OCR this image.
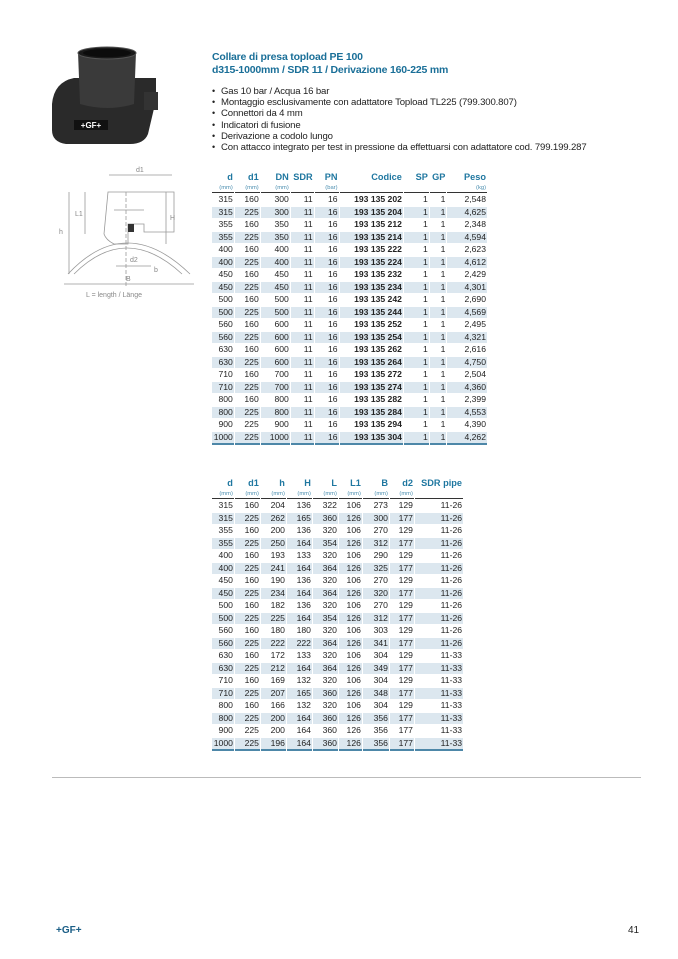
+GF+
d1
h
L1
H
d2
B
b
L = length / Länge
Collare di presa topload PE 100
d315-1000mm / SDR 11 / Derivazione 160-225 mm
• Gas 10 bar / Acqua 16 bar
• Montaggio esclusivamente con adattatore Topload TL225 (799.300.807)
• Connettori da 4 mm
• Indicatori di fusione
• Derivazione a codolo lungo
• Con attacco integrato per test in pressione da effettuarsi con adattatore cod. 799.199.287
d	d1	DN	SDR	PN	Codice	SP	GP	Peso
(mm)	(mm)	(mm)		(bar)				(kg)
315	160	300	11	16	193 135 202	1	1	2,548
315	225	300	11	16	193 135 204	1	1	4,625
355	160	350	11	16	193 135 212	1	1	2,348
355	225	350	11	16	193 135 214	1	1	4,594
400	160	400	11	16	193 135 222	1	1	2,623
400	225	400	11	16	193 135 224	1	1	4,612
450	160	450	11	16	193 135 232	1	1	2,429
450	225	450	11	16	193 135 234	1	1	4,301
500	160	500	11	16	193 135 242	1	1	2,690
500	225	500	11	16	193 135 244	1	1	4,569
560	160	600	11	16	193 135 252	1	1	2,495
560	225	600	11	16	193 135 254	1	1	4,321
630	160	600	11	16	193 135 262	1	1	2,616
630	225	600	11	16	193 135 264	1	1	4,750
710	160	700	11	16	193 135 272	1	1	2,504
710	225	700	11	16	193 135 274	1	1	4,360
800	160	800	11	16	193 135 282	1	1	2,399
800	225	800	11	16	193 135 284	1	1	4,553
900	225	900	11	16	193 135 294	1	1	4,390
1000	225	1000	11	16	193 135 304	1	1	4,262
d	d1	h	H	L	L1	B	d2	SDR pipe
(mm)	(mm)	(mm)	(mm)	(mm)	(mm)	(mm)	(mm)	
315	160	204	136	322	106	273	129	11-26
315	225	262	165	360	126	300	177	11-26
355	160	200	136	320	106	270	129	11-26
355	225	250	164	354	126	312	177	11-26
400	160	193	133	320	106	290	129	11-26
400	225	241	164	364	126	325	177	11-26
450	160	190	136	320	106	270	129	11-26
450	225	234	164	364	126	320	177	11-26
500	160	182	136	320	106	270	129	11-26
500	225	225	164	354	126	312	177	11-26
560	160	180	180	320	106	303	129	11-26
560	225	222	222	364	126	341	177	11-26
630	160	172	133	320	106	304	129	11-33
630	225	212	164	364	126	349	177	11-33
710	160	169	132	320	106	304	129	11-33
710	225	207	165	360	126	348	177	11-33
800	160	166	132	320	106	304	129	11-33
800	225	200	164	360	126	356	177	11-33
900	225	200	164	360	126	356	177	11-33
1000	225	196	164	360	126	356	177	11-33
+GF+	41
